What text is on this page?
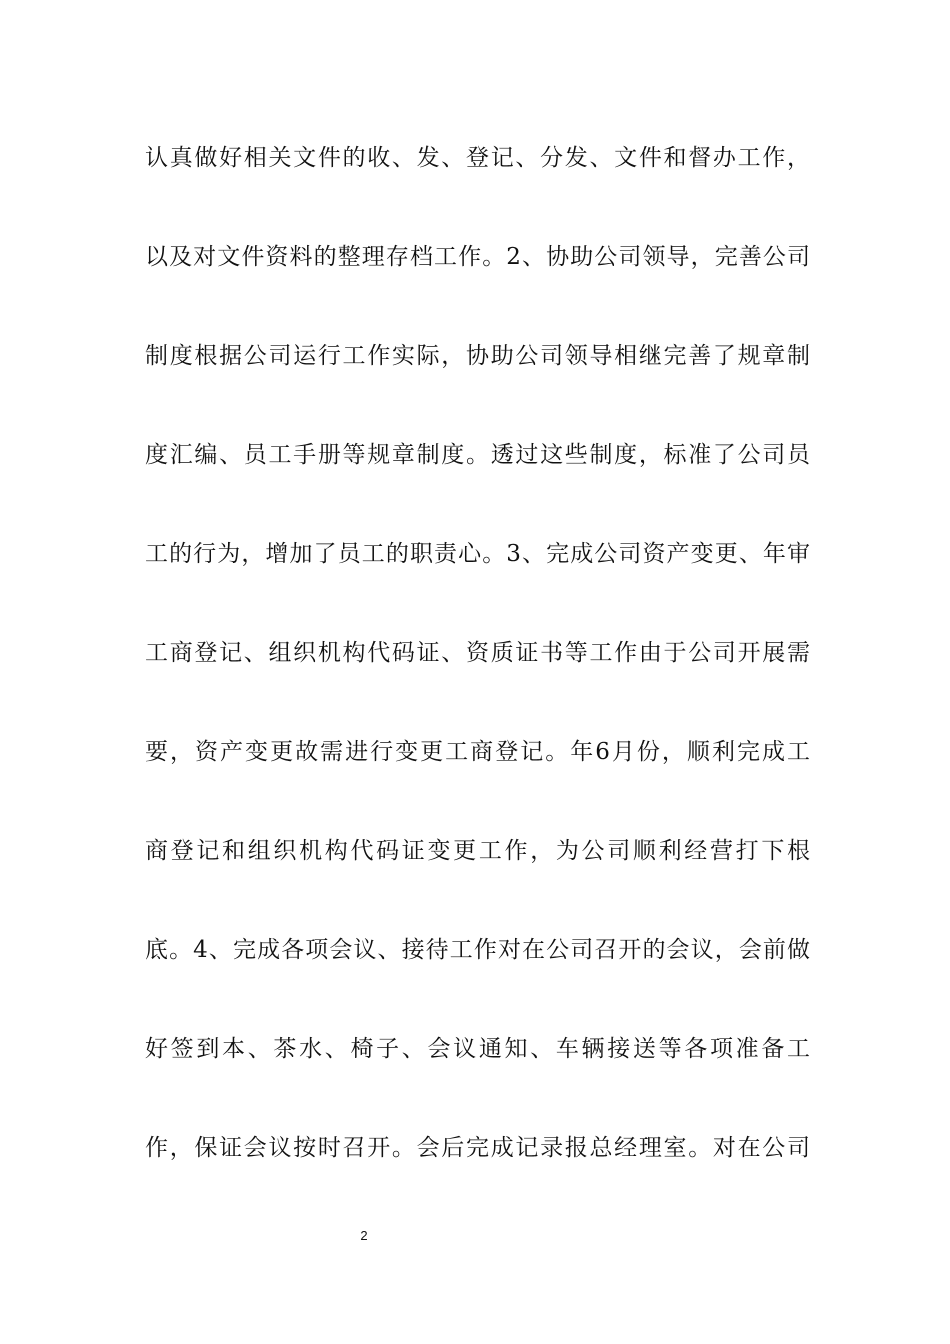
认真做好相关文件的收、发、登记、分发、文件和督办工作，
以及对文件资料的整理存档工作。2、协助公司领导，完善公司
制度根据公司运行工作实际，协助公司领导相继完善了规章制
度汇编、员工手册等规章制度。透过这些制度，标准了公司员
工的行为，增加了员工的职责心。3、完成公司资产变更、年审
工商登记、组织机构代码证、资质证书等工作由于公司开展需
要，资产变更故需进行变更工商登记。年6月份，顺利完成工
商登记和组织机构代码证变更工作，为公司顺利经营打下根
底。4、完成各项会议、接待工作对在公司召开的会议，会前做
好签到本、茶水、椅子、会议通知、车辆接送等各项准备工
作，保证会议按时召开。会后完成记录报总经理室。对在公司
2
